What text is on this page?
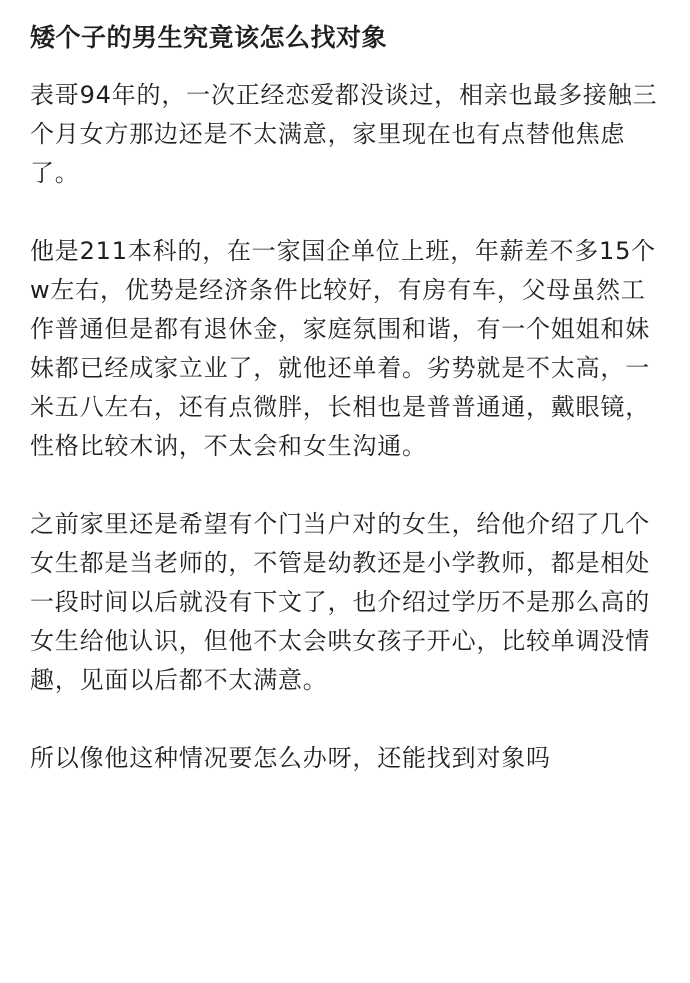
矮个子的男生究竟该怎么找对象

表哥94年的，一次正经恋爱都没谈过，相亲也最多接触三个月女方那边还是不太满意，家里现在也有点替他焦虑了。

他是211本科的，在一家国企单位上班，年薪差不多15个w左右，优势是经济条件比较好，有房有车，父母虽然工作普通但是都有退休金，家庭氛围和谐，有一个姐姐和妹妹都已经成家立业了，就他还单着。劣势就是不太高，一米五八左右，还有点微胖，长相也是普普通通，戴眼镜，性格比较木讷，不太会和女生沟通。

之前家里还是希望有个门当户对的女生，给他介绍了几个女生都是当老师的，不管是幼教还是小学教师，都是相处一段时间以后就没有下文了，也介绍过学历不是那么高的女生给他认识，但他不太会哄女孩子开心，比较单调没情趣，见面以后都不太满意。

所以像他这种情况要怎么办呀，还能找到对象吗
